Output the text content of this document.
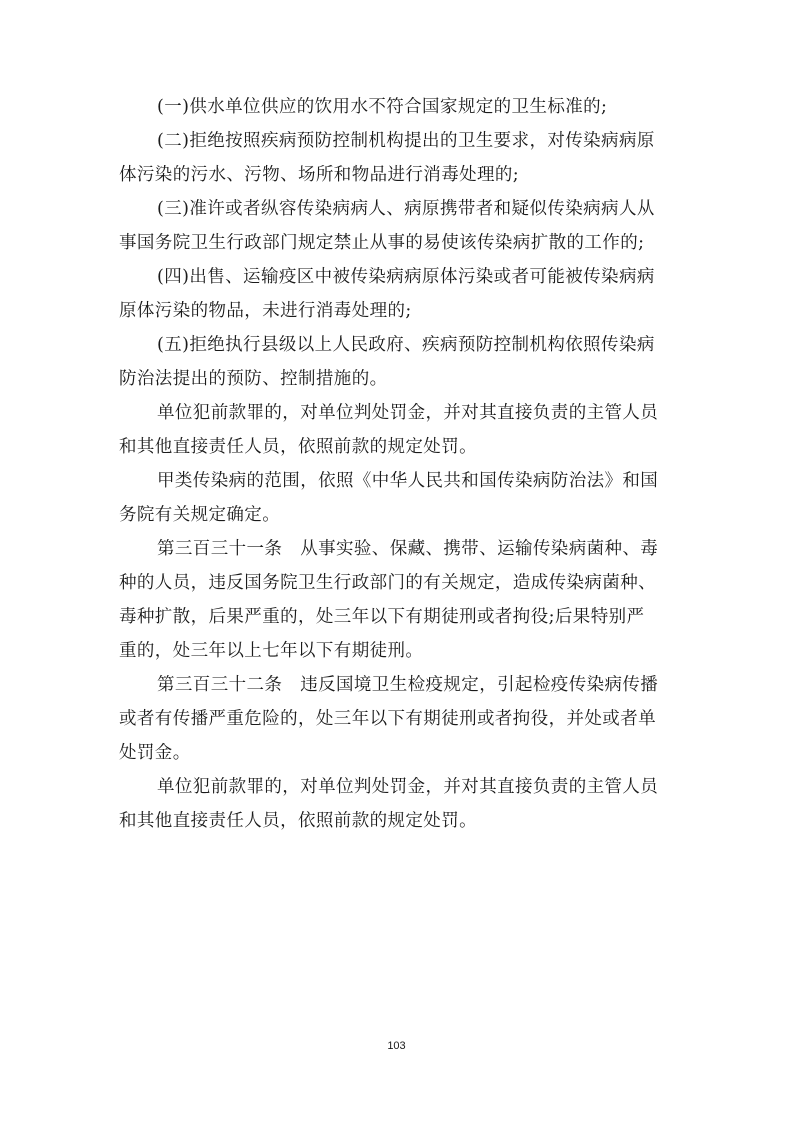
(一)供水单位供应的饮用水不符合国家规定的卫生标准的;
(二)拒绝按照疾病预防控制机构提出的卫生要求，对传染病病原
体污染的污水、污物、场所和物品进行消毒处理的;
(三)准许或者纵容传染病病人、病原携带者和疑似传染病病人从
事国务院卫生行政部门规定禁止从事的易使该传染病扩散的工作的;
(四)出售、运输疫区中被传染病病原体污染或者可能被传染病病
原体污染的物品，未进行消毒处理的;
(五)拒绝执行县级以上人民政府、疾病预防控制机构依照传染病
防治法提出的预防、控制措施的。
单位犯前款罪的，对单位判处罚金，并对其直接负责的主管人员
和其他直接责任人员，依照前款的规定处罚。
甲类传染病的范围，依照《中华人民共和国传染病防治法》和国
务院有关规定确定。
第三百三十一条　从事实验、保藏、携带、运输传染病菌种、毒
种的人员，违反国务院卫生行政部门的有关规定，造成传染病菌种、
毒种扩散，后果严重的，处三年以下有期徒刑或者拘役;后果特别严
重的，处三年以上七年以下有期徒刑。
第三百三十二条　违反国境卫生检疫规定，引起检疫传染病传播
或者有传播严重危险的，处三年以下有期徒刑或者拘役，并处或者单
处罚金。
单位犯前款罪的，对单位判处罚金，并对其直接负责的主管人员
和其他直接责任人员，依照前款的规定处罚。
103
